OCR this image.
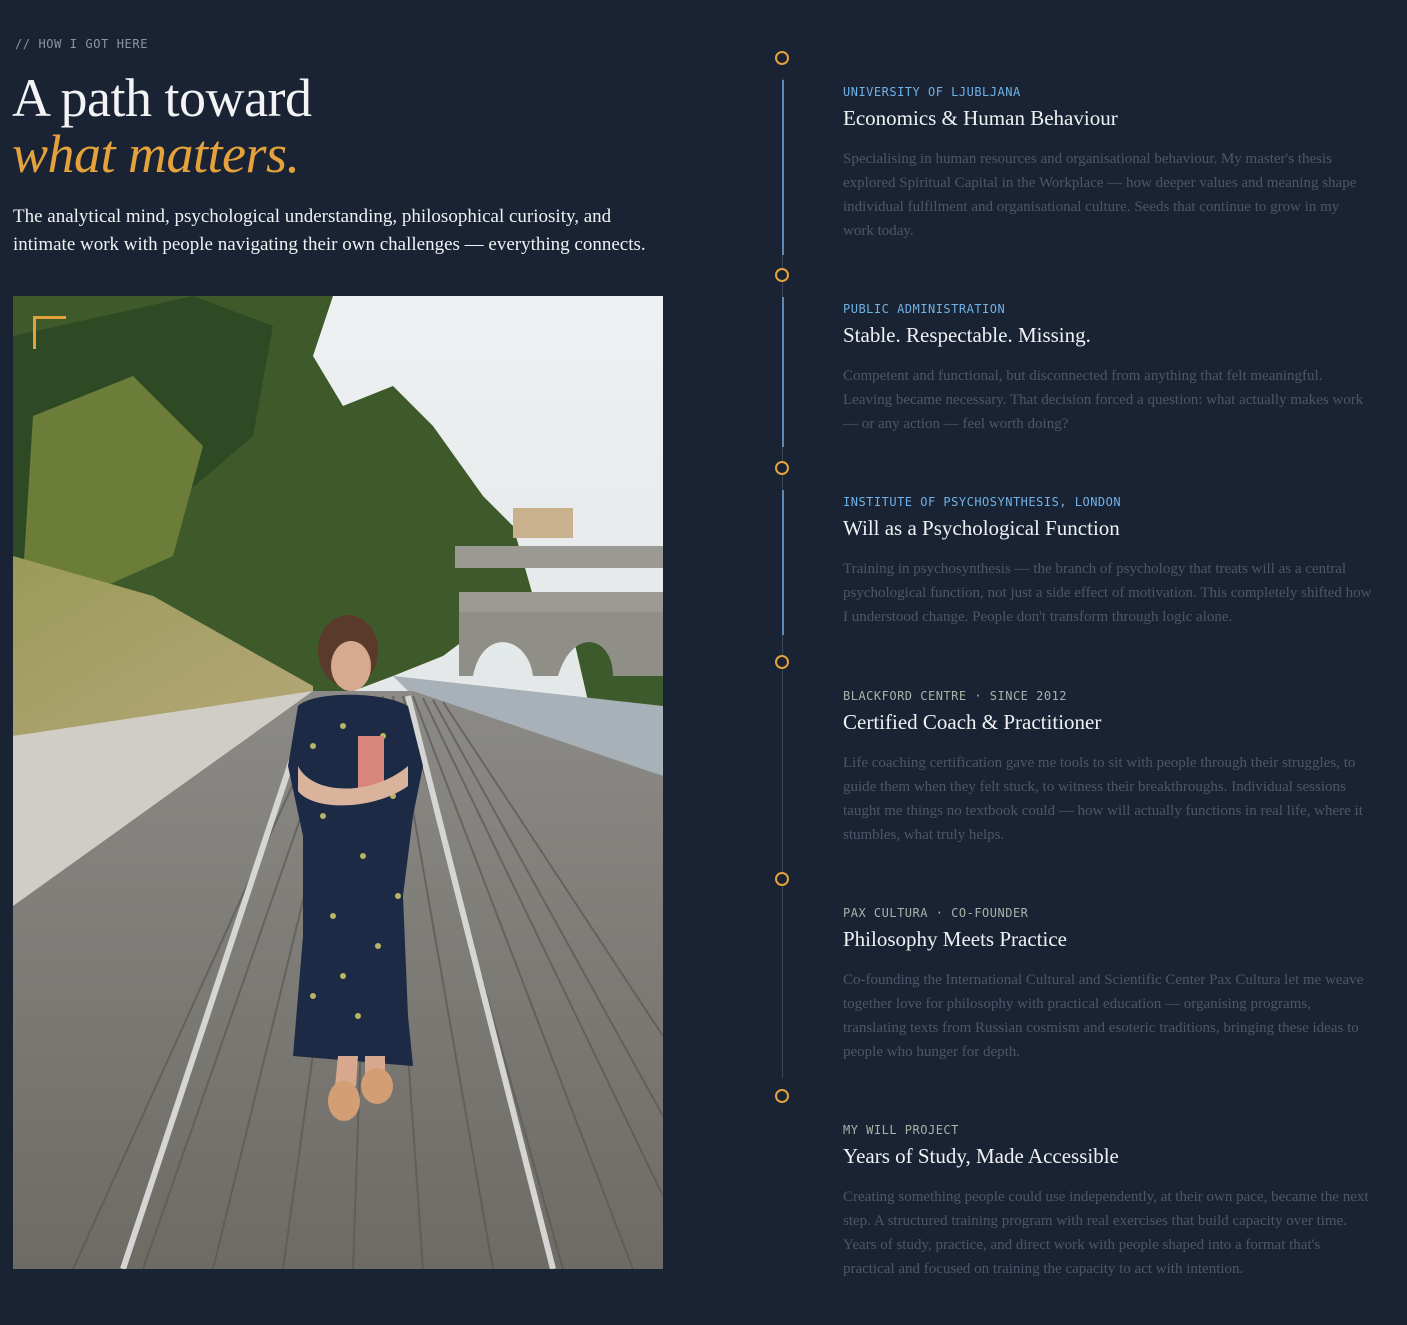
// HOW I GOT HERE
A path toward
what matters.

The analytical mind, psychological understanding, philosophical curiosity, and intimate work with people navigating their own challenges — everything connects.

UNIVERSITY OF LJUBLJANA
Economics & Human Behaviour
Specialising in human resources and organisational behaviour. My master's thesis explored Spiritual Capital in the Workplace — how deeper values and meaning shape individual fulfilment and organisational culture. Seeds that continue to grow in my work today.
PUBLIC ADMINISTRATION
Stable. Respectable. Missing.
Competent and functional, but disconnected from anything that felt meaningful. Leaving became necessary. That decision forced a question: what actually makes work — or any action — feel worth doing?
INSTITUTE OF PSYCHOSYNTHESIS, LONDON
Will as a Psychological Function
Training in psychosynthesis — the branch of psychology that treats will as a central psychological function, not just a side effect of motivation. This completely shifted how I understood change. People don't transform through logic alone.
BLACKFORD CENTRE · SINCE 2012
Certified Coach & Practitioner
Life coaching certification gave me tools to sit with people through their struggles, to guide them when they felt stuck, to witness their breakthroughs. Individual sessions taught me things no textbook could — how will actually functions in real life, where it stumbles, what truly helps.
PAX CULTURA · CO-FOUNDER
Philosophy Meets Practice
Co-founding the International Cultural and Scientific Center Pax Cultura let me weave together love for philosophy with practical education — organising programs, translating texts from Russian cosmism and esoteric traditions, bringing these ideas to people who hunger for depth.
MY WILL PROJECT
Years of Study, Made Accessible
Creating something people could use independently, at their own pace, became the next step. A structured training program with real exercises that build capacity over time. Years of study, practice, and direct work with people shaped into a format that's practical and focused on training the capacity to act with intention.
